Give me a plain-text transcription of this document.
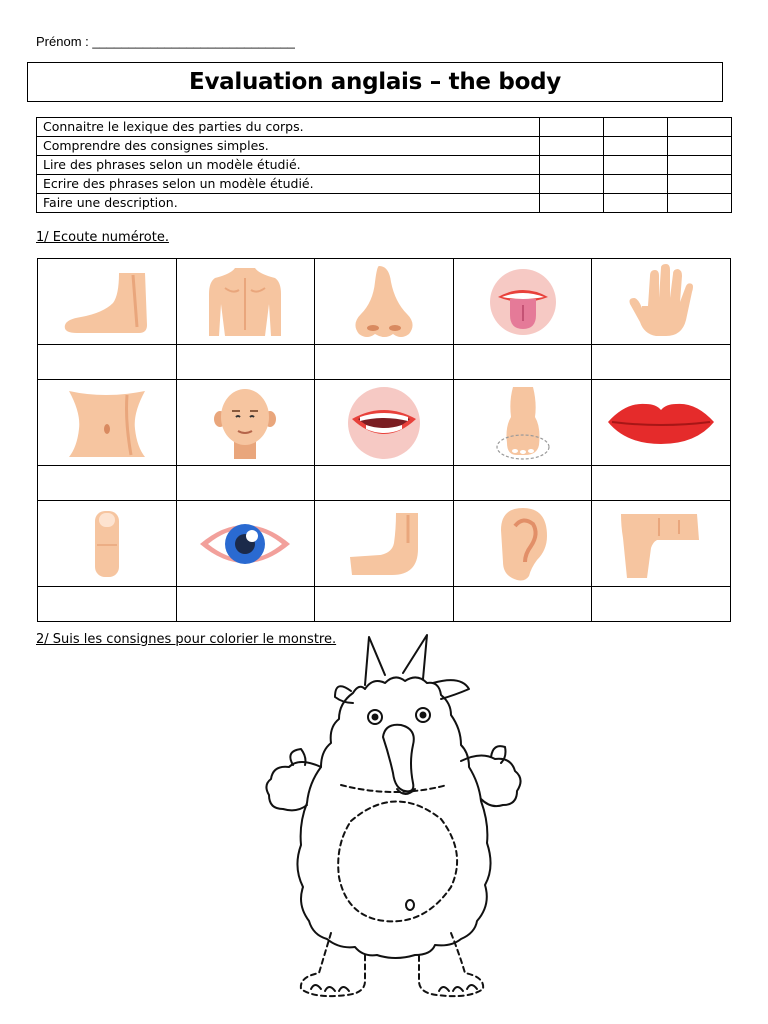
Prénom : ____________________________
Evaluation anglais – the body
Connaitre le lexique des parties du corps.			
Comprendre des consignes simples.			
Lire des phrases selon un modèle étudié.			
Ecrire des phrases selon un modèle étudié.			
Faire une description.			
1/ Ecoute numérote.

2/ Suis les consignes pour colorier le monstre.
